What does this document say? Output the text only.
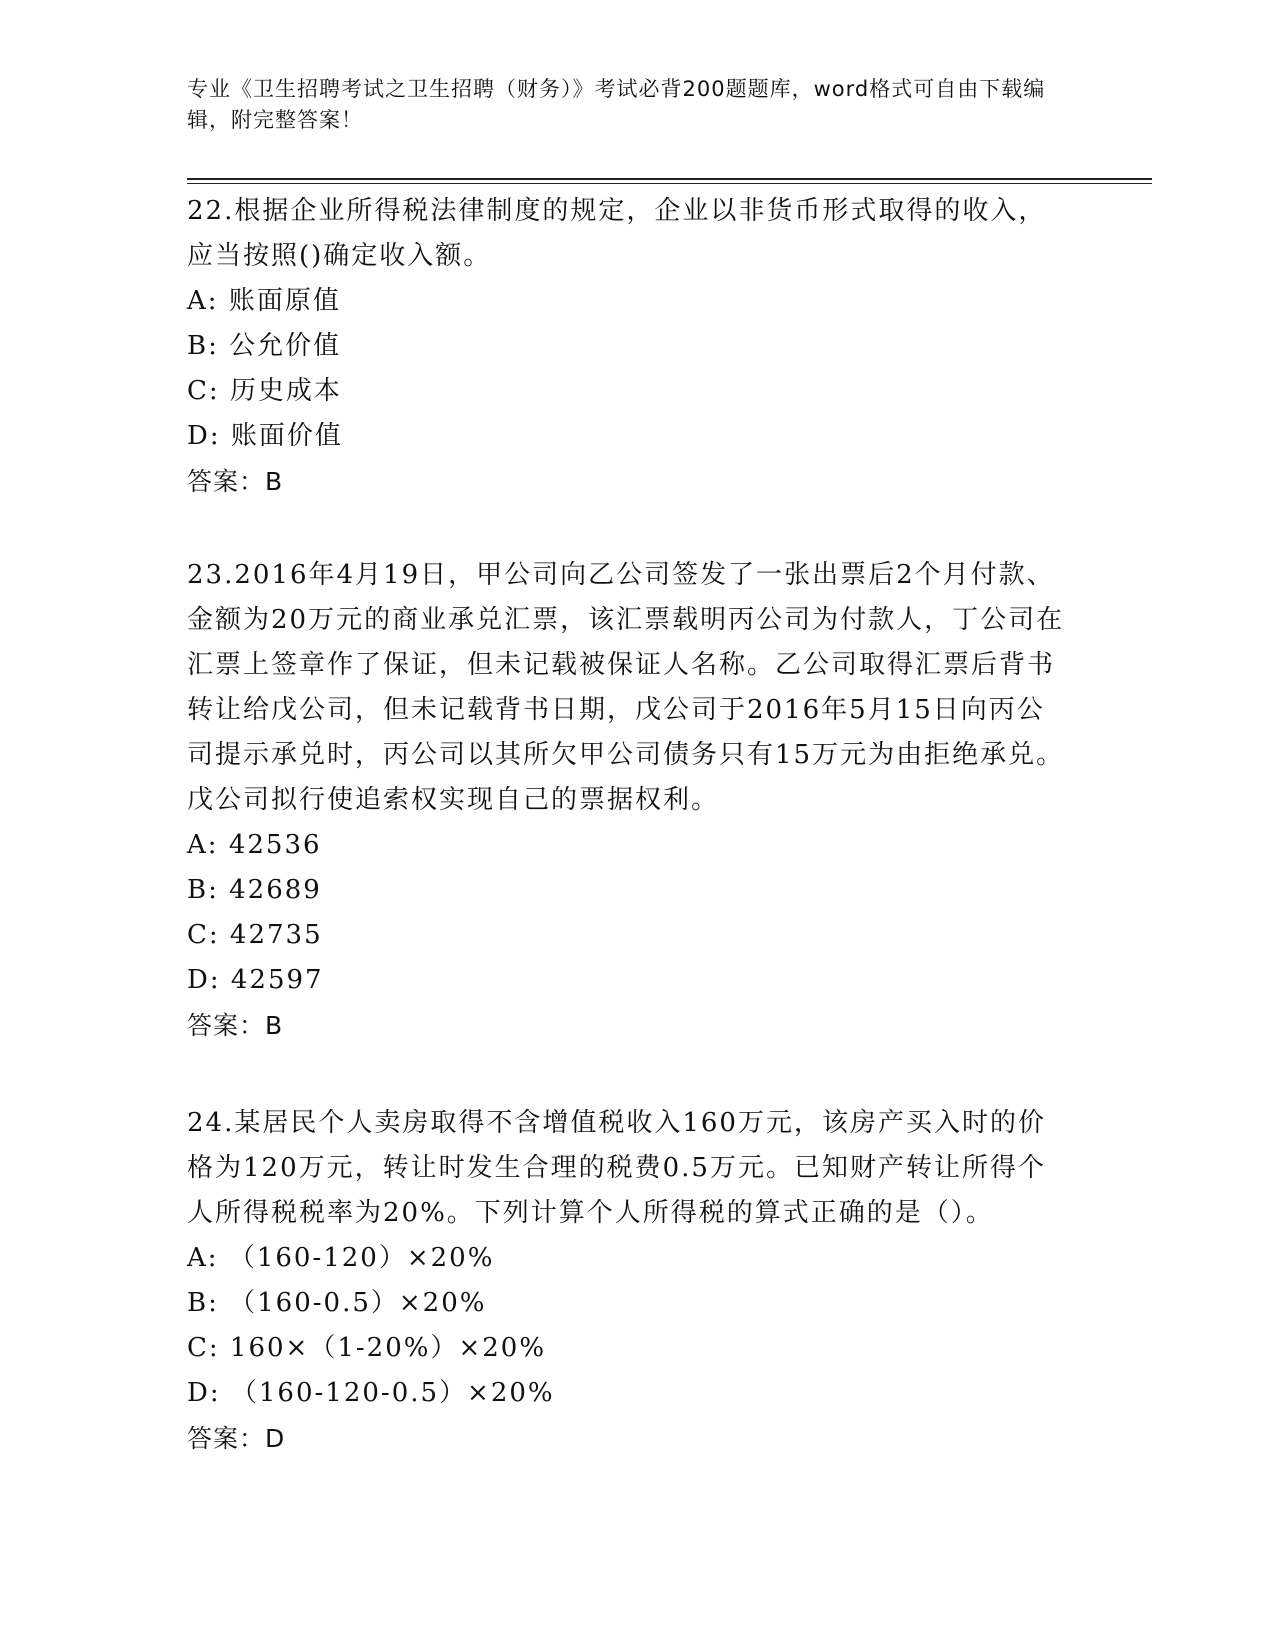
专业《卫生招聘考试之卫生招聘（财务）》考试必背200题题库，word格式可自由下载编辑，附完整答案！
22.根据企业所得税法律制度的规定，企业以非货币形式取得的收入，应当按照()确定收入额。
A: 账面原值
B: 公允价值
C: 历史成本
D: 账面价值
答案：B
23.2016年4月19日，甲公司向乙公司签发了一张出票后2个月付款、金额为20万元的商业承兑汇票，该汇票载明丙公司为付款人，丁公司在汇票上签章作了保证，但未记载被保证人名称。乙公司取得汇票后背书转让给戊公司，但未记载背书日期，戊公司于2016年5月15日向丙公司提示承兑时，丙公司以其所欠甲公司债务只有15万元为由拒绝承兑。戊公司拟行使追索权实现自己的票据权利。
A: 42536
B: 42689
C: 42735
D: 42597
答案：B
24.某居民个人卖房取得不含增值税收入160万元，该房产买入时的价格为120万元，转让时发生合理的税费0.5万元。已知财产转让所得个人所得税税率为20%。下列计算个人所得税的算式正确的是（）。
A: （160-120）×20%
B: （160-0.5）×20%
C: 160×（1-20%）×20%
D: （160-120-0.5）×20%
答案：D
